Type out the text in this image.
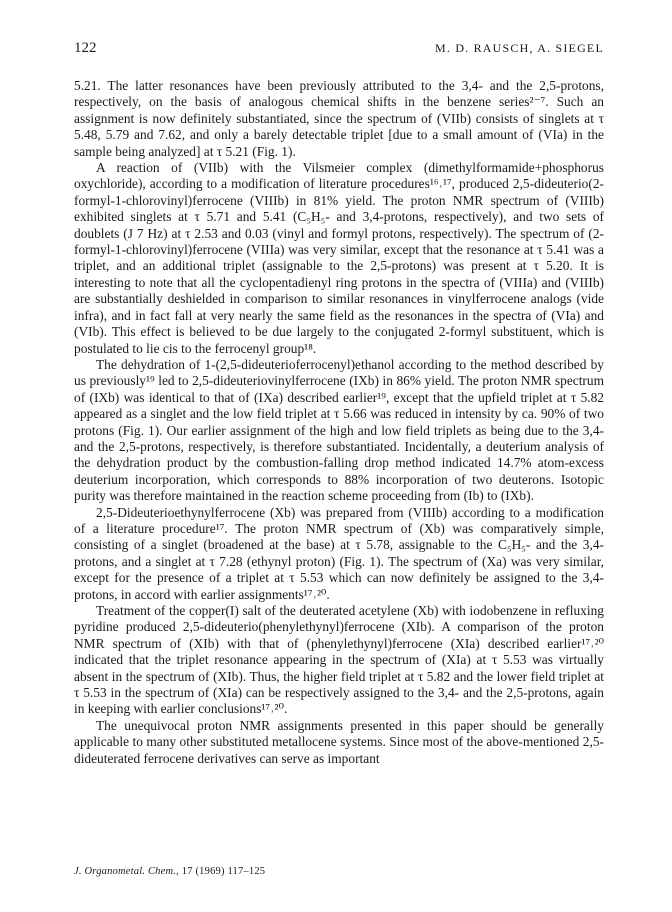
122	M. D. RAUSCH, A. SIEGEL

5.21. The latter resonances have been previously attributed to the 3,4- and the 2,5-protons, respectively, on the basis of analogous chemical shifts in the benzene series²⁻⁷. Such an assignment is now definitely substantiated, since the spectrum of (VIIb) consists of singlets at τ 5.48, 5.79 and 7.62, and only a barely detectable triplet [due to a small amount of (VIa) in the sample being analyzed] at τ 5.21 (Fig. 1).

A reaction of (VIIb) with the Vilsmeier complex (dimethylformamide+phosphorus oxychloride), according to a modification of literature procedures¹⁶˒¹⁷, produced 2,5-dideuterio(2-formyl-1-chlorovinyl)ferrocene (VIIIb) in 81% yield. The proton NMR spectrum of (VIIIb) exhibited singlets at τ 5.71 and 5.41 (C₅H₅- and 3,4-protons, respectively), and two sets of doublets (J 7 Hz) at τ 2.53 and 0.03 (vinyl and formyl protons, respectively). The spectrum of (2-formyl-1-chlorovinyl)ferrocene (VIIIa) was very similar, except that the resonance at τ 5.41 was a triplet, and an additional triplet (assignable to the 2,5-protons) was present at τ 5.20. It is interesting to note that all the cyclopentadienyl ring protons in the spectra of (VIIIa) and (VIIIb) are substantially deshielded in comparison to similar resonances in vinylferrocene analogs (vide infra), and in fact fall at very nearly the same field as the resonances in the spectra of (VIa) and (VIb). This effect is believed to be due largely to the conjugated 2-formyl substituent, which is postulated to lie cis to the ferrocenyl group¹⁸.

The dehydration of 1-(2,5-dideuterioferrocenyl)ethanol according to the method described by us previously¹⁹ led to 2,5-dideuteriovinylferrocene (IXb) in 86% yield. The proton NMR spectrum of (IXb) was identical to that of (IXa) described earlier¹⁹, except that the upfield triplet at τ 5.82 appeared as a singlet and the low field triplet at τ 5.66 was reduced in intensity by ca. 90% of two protons (Fig. 1). Our earlier assignment of the high and low field triplets as being due to the 3,4- and the 2,5-protons, respectively, is therefore substantiated. Incidentally, a deuterium analysis of the dehydration product by the combustion-falling drop method indicated 14.7% atom-excess deuterium incorporation, which corresponds to 88% incorporation of two deuterons. Isotopic purity was therefore maintained in the reaction scheme proceeding from (Ib) to (IXb).

2,5-Dideuterioethynylferrocene (Xb) was prepared from (VIIIb) according to a modification of a literature procedure¹⁷. The proton NMR spectrum of (Xb) was comparatively simple, consisting of a singlet (broadened at the base) at τ 5.78, assignable to the C₅H₅- and the 3,4-protons, and a singlet at τ 7.28 (ethynyl proton) (Fig. 1). The spectrum of (Xa) was very similar, except for the presence of a triplet at τ 5.53 which can now definitely be assigned to the 3,4-protons, in accord with earlier assignments¹⁷˒²⁰.

Treatment of the copper(I) salt of the deuterated acetylene (Xb) with iodobenzene in refluxing pyridine produced 2,5-dideuterio(phenylethynyl)ferrocene (XIb). A comparison of the proton NMR spectrum of (XIb) with that of (phenylethynyl)ferrocene (XIa) described earlier¹⁷˒²⁰ indicated that the triplet resonance appearing in the spectrum of (XIa) at τ 5.53 was virtually absent in the spectrum of (XIb). Thus, the higher field triplet at τ 5.82 and the lower field triplet at τ 5.53 in the spectrum of (XIa) can be respectively assigned to the 3,4- and the 2,5-protons, again in keeping with earlier conclusions¹⁷˒²⁰.

The unequivocal proton NMR assignments presented in this paper should be generally applicable to many other substituted metallocene systems. Since most of the above-mentioned 2,5-dideuterated ferrocene derivatives can serve as important

J. Organometal. Chem., 17 (1969) 117–125
